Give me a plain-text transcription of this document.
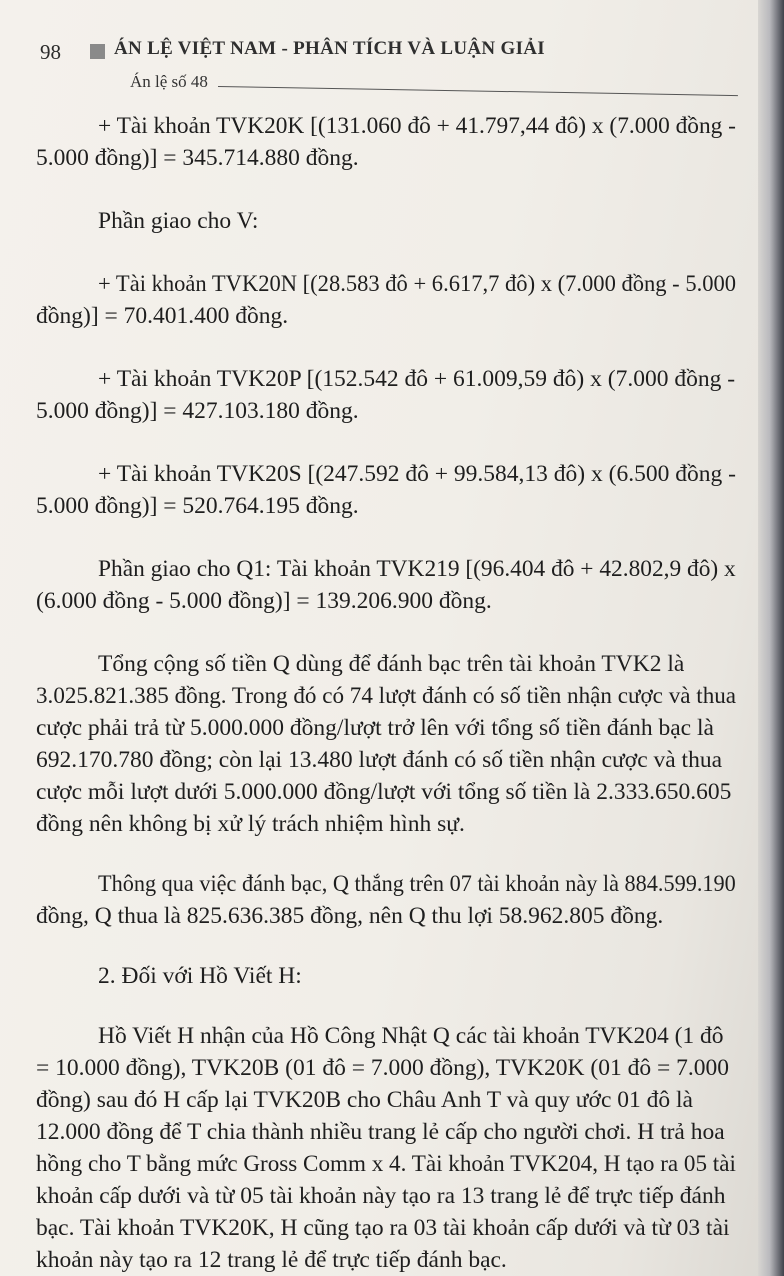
98	ÁN LỆ VIỆT NAM - PHÂN TÍCH VÀ LUẬN GIẢI
Án lệ số 48
+ Tài khoản TVK20K [(131.060 đô + 41.797,44 đô) x (7.000 đồng -
5.000 đồng)] = 345.714.880 đồng.
Phần giao cho V:
+ Tài khoản TVK20N [(28.583 đô + 6.617,7 đô) x (7.000 đồng - 5.000
đồng)] = 70.401.400 đồng.
+ Tài khoản TVK20P [(152.542 đô + 61.009,59 đô) x (7.000 đồng -
5.000 đồng)] = 427.103.180 đồng.
+ Tài khoản TVK20S [(247.592 đô + 99.584,13 đô) x (6.500 đồng -
5.000 đồng)] = 520.764.195 đồng.
Phần giao cho Q1: Tài khoản TVK219 [(96.404 đô + 42.802,9 đô) x
(6.000 đồng - 5.000 đồng)] = 139.206.900 đồng.
Tổng cộng số tiền Q dùng để đánh bạc trên tài khoản TVK2 là
3.025.821.385 đồng. Trong đó có 74 lượt đánh có số tiền nhận cược và thua
cược phải trả từ 5.000.000 đồng/lượt trở lên với tổng số tiền đánh bạc là
692.170.780 đồng; còn lại 13.480 lượt đánh có số tiền nhận cược và thua
cược mỗi lượt dưới 5.000.000 đồng/lượt với tổng số tiền là 2.333.650.605
đồng nên không bị xử lý trách nhiệm hình sự.
Thông qua việc đánh bạc, Q thắng trên 07 tài khoản này là 884.599.190
đồng, Q thua là 825.636.385 đồng, nên Q thu lợi 58.962.805 đồng.
2. Đối với Hồ Viết H:
Hồ Viết H nhận của Hồ Công Nhật Q các tài khoản TVK204 (1 đô
= 10.000 đồng), TVK20B (01 đô = 7.000 đồng), TVK20K (01 đô = 7.000
đồng) sau đó H cấp lại TVK20B cho Châu Anh T và quy ước 01 đô là
12.000 đồng để T chia thành nhiều trang lẻ cấp cho người chơi. H trả hoa
hồng cho T bằng mức Gross Comm x 4. Tài khoản TVK204, H tạo ra 05 tài
khoản cấp dưới và từ 05 tài khoản này tạo ra 13 trang lẻ để trực tiếp đánh
bạc. Tài khoản TVK20K, H cũng tạo ra 03 tài khoản cấp dưới và từ 03 tài
khoản này tạo ra 12 trang lẻ để trực tiếp đánh bạc.
